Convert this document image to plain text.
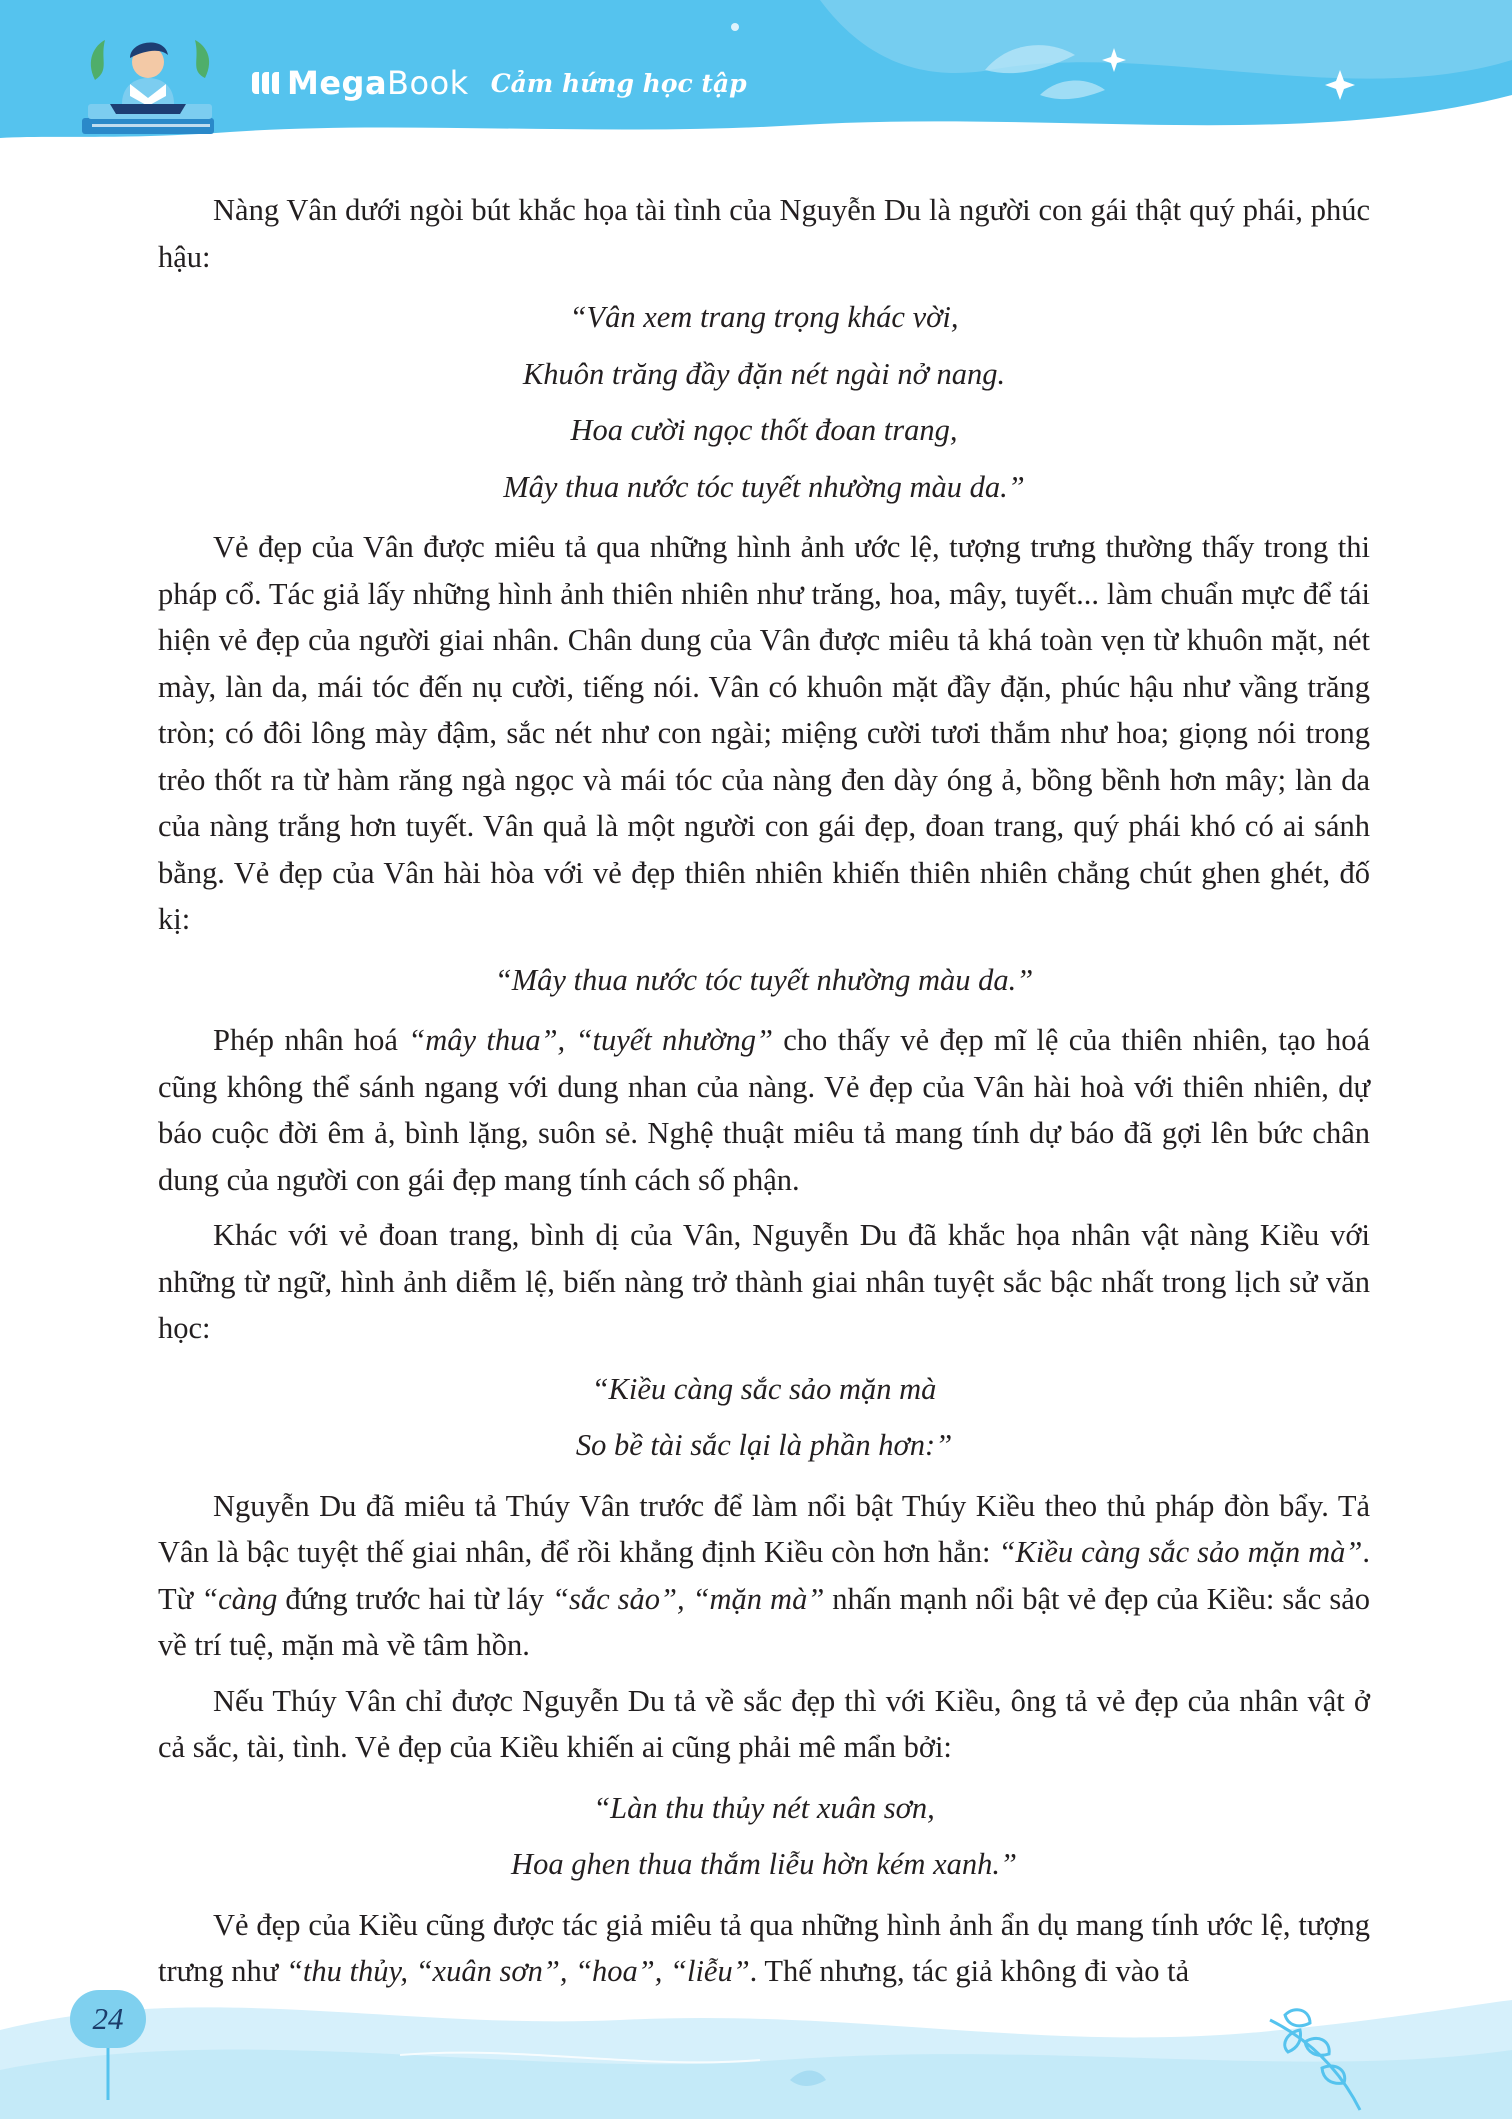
MegaBook Cảm hứng học tập

Nàng Vân dưới ngòi bút khắc họa tài tình của Nguyễn Du là người con gái thật quý phái, phúc hậu:

“Vân xem trang trọng khác vời,
Khuôn trăng đầy đặn nét ngài nở nang.
Hoa cười ngọc thốt đoan trang,
Mây thua nước tóc tuyết nhường màu da.”

Vẻ đẹp của Vân được miêu tả qua những hình ảnh ước lệ, tượng trưng thường thấy trong thi pháp cổ. Tác giả lấy những hình ảnh thiên nhiên như trăng, hoa, mây, tuyết... làm chuẩn mực để tái hiện vẻ đẹp của người giai nhân. Chân dung của Vân được miêu tả khá toàn vẹn từ khuôn mặt, nét mày, làn da, mái tóc đến nụ cười, tiếng nói. Vân có khuôn mặt đầy đặn, phúc hậu như vầng trăng tròn; có đôi lông mày đậm, sắc nét như con ngài; miệng cười tươi thắm như hoa; giọng nói trong trẻo thốt ra từ hàm răng ngà ngọc và mái tóc của nàng đen dày óng ả, bồng bềnh hơn mây; làn da của nàng trắng hơn tuyết. Vân quả là một người con gái đẹp, đoan trang, quý phái khó có ai sánh bằng. Vẻ đẹp của Vân hài hòa với vẻ đẹp thiên nhiên khiến thiên nhiên chẳng chút ghen ghét, đố kị:

“Mây thua nước tóc tuyết nhường màu da.”

Phép nhân hoá “mây thua”, “tuyết nhường” cho thấy vẻ đẹp mĩ lệ của thiên nhiên, tạo hoá cũng không thể sánh ngang với dung nhan của nàng. Vẻ đẹp của Vân hài hoà với thiên nhiên, dự báo cuộc đời êm ả, bình lặng, suôn sẻ. Nghệ thuật miêu tả mang tính dự báo đã gợi lên bức chân dung của người con gái đẹp mang tính cách số phận.

Khác với vẻ đoan trang, bình dị của Vân, Nguyễn Du đã khắc họa nhân vật nàng Kiều với những từ ngữ, hình ảnh diễm lệ, biến nàng trở thành giai nhân tuyệt sắc bậc nhất trong lịch sử văn học:

“Kiều càng sắc sảo mặn mà
So bề tài sắc lại là phần hơn:”

Nguyễn Du đã miêu tả Thúy Vân trước để làm nổi bật Thúy Kiều theo thủ pháp đòn bẩy. Tả Vân là bậc tuyệt thế giai nhân, để rồi khẳng định Kiều còn hơn hẳn: “Kiều càng sắc sảo mặn mà”. Từ “càng đứng trước hai từ láy “sắc sảo”, “mặn mà” nhấn mạnh nổi bật vẻ đẹp của Kiều: sắc sảo về trí tuệ, mặn mà về tâm hồn.

Nếu Thúy Vân chỉ được Nguyễn Du tả về sắc đẹp thì với Kiều, ông tả vẻ đẹp của nhân vật ở cả sắc, tài, tình. Vẻ đẹp của Kiều khiến ai cũng phải mê mẩn bởi:

“Làn thu thủy nét xuân sơn,
Hoa ghen thua thắm liễu hờn kém xanh.”

Vẻ đẹp của Kiều cũng được tác giả miêu tả qua những hình ảnh ẩn dụ mang tính ước lệ, tượng trưng như “thu thủy, “xuân sơn”, “hoa”, “liễu”. Thế nhưng, tác giả không đi vào tả

24
